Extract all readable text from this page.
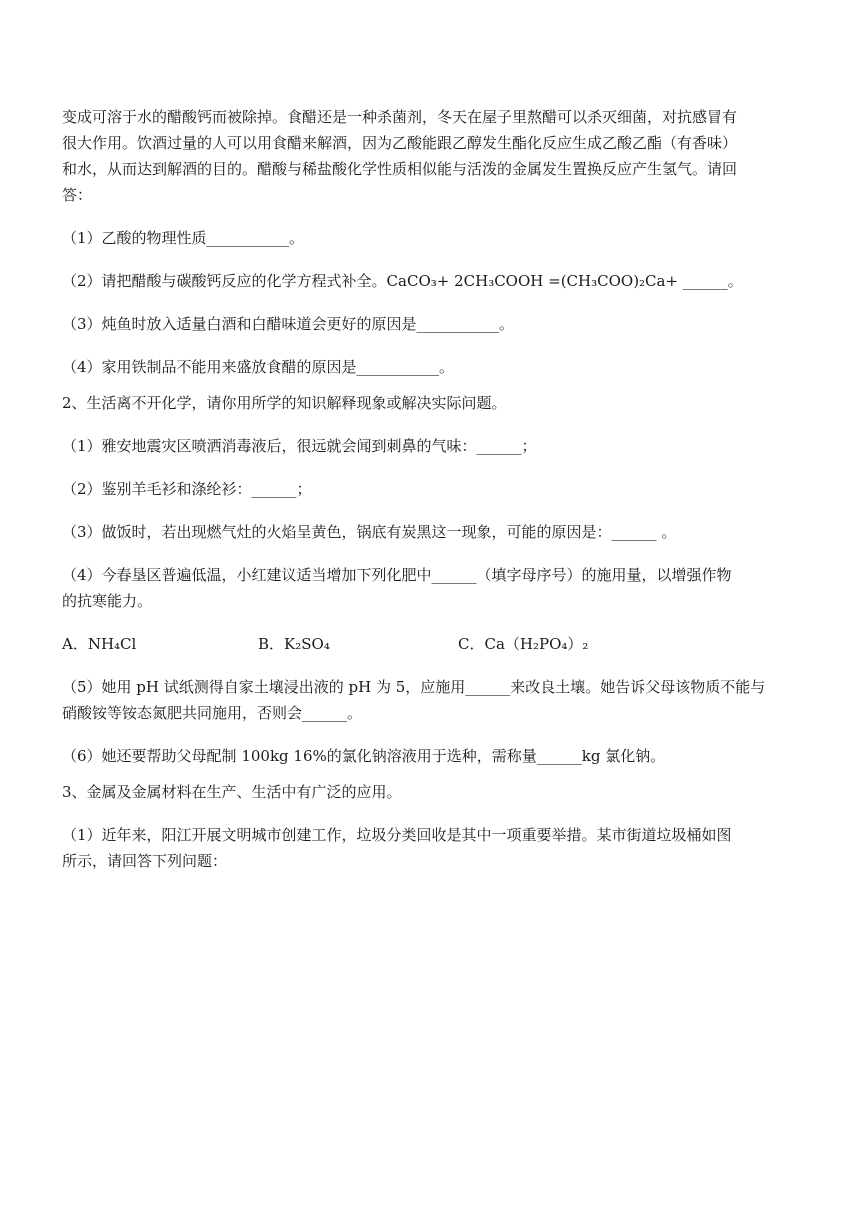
变成可溶于水的醋酸钙而被除掉。食醋还是一种杀菌剂，冬天在屋子里熬醋可以杀灭细菌，对抗感冒有

很大作用。饮酒过量的人可以用食醋来解酒，因为乙酸能跟乙醇发生酯化反应生成乙酸乙酯（有香味）

和水，从而达到解酒的目的。醋酸与稀盐酸化学性质相似能与活泼的金属发生置换反应产生氢气。请回

答：

（1）乙酸的物理性质___________。

（2）请把醋酸与碳酸钙反应的化学方程式补全。CaCO₃+ 2CH₃COOH =(CH₃COO)₂Ca+ ______。

（3）炖鱼时放入适量白酒和白醋味道会更好的原因是___________。

（4）家用铁制品不能用来盛放食醋的原因是___________。

2、生活离不开化学，请你用所学的知识解释现象或解决实际问题。

（1）雅安地震灾区喷洒消毒液后，很远就会闻到刺鼻的气味：______；

（2）鉴别羊毛衫和涤纶衫：______；

（3）做饭时，若出现燃气灶的火焰呈黄色，锅底有炭黑这一现象，可能的原因是：______ 。

（4）今春垦区普遍低温，小红建议适当增加下列化肥中______（填字母序号）的施用量，以增强作物

的抗寒能力。

A．NH₄Cl	B．K₂SO₄	C．Ca（H₂PO₄）₂

（5）她用 pH 试纸测得自家土壤浸出液的 pH 为 5，应施用______来改良土壤。她告诉父母该物质不能与

硝酸铵等铵态氮肥共同施用，否则会______。

（6）她还要帮助父母配制 100kg 16%的氯化钠溶液用于选种，需称量______kg 氯化钠。

3、金属及金属材料在生产、生活中有广泛的应用。

（1）近年来，阳江开展文明城市创建工作，垃圾分类回收是其中一项重要举措。某市街道垃圾桶如图

所示，请回答下列问题：
